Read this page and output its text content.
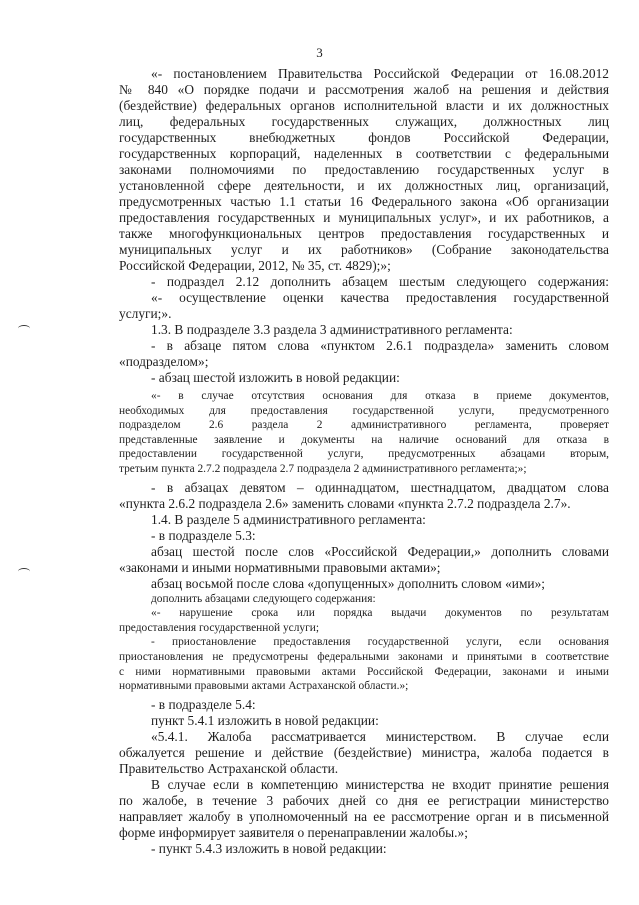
3
«- постановлением Правительства Российской Федерации от 16.08.2012
№ 840 «О порядке подачи и рассмотрения жалоб на решения и действия
(бездействие) федеральных органов исполнительной власти и их должностных
лиц, федеральных государственных служащих, должностных лиц
государственных внебюджетных фондов Российской Федерации,
государственных корпораций, наделенных в соответствии с федеральными
законами полномочиями по предоставлению государственных услуг в
установленной сфере деятельности, и их должностных лиц, организаций,
предусмотренных частью 1.1 статьи 16 Федерального закона «Об организации
предоставления государственных и муниципальных услуг», и их работников, а
также многофункциональных центров предоставления государственных и
муниципальных услуг и их работников» (Собрание законодательства
Российской Федерации, 2012, № 35, ст. 4829);»;
- подраздел 2.12 дополнить абзацем шестым следующего содержания:
«- осуществление оценки качества предоставления государственной
услуги;».
1.3. В подразделе 3.3 раздела 3 административного регламента:
- в абзаце пятом слова «пунктом 2.6.1 подраздела» заменить словом
«подразделом»;
- абзац шестой изложить в новой редакции:
«- в случае отсутствия основания для отказа в приеме документов,
необходимых для предоставления государственной услуги, предусмотренного
подразделом 2.6 раздела 2 административного регламента, проверяет
представленные заявление и документы на наличие оснований для отказа в
предоставлении государственной услуги, предусмотренных абзацами вторым,
третьим пункта 2.7.2 подраздела 2.7 подраздела 2 административного регламента;»;
- в абзацах девятом – одиннадцатом, шестнадцатом, двадцатом слова
«пункта 2.6.2 подраздела 2.6» заменить словами «пункта 2.7.2 подраздела 2.7».
1.4. В разделе 5 административного регламента:
- в подразделе 5.3:
абзац шестой после слов «Российской Федерации,» дополнить словами
«законами и иными нормативными правовыми актами»;
абзац восьмой после слова «допущенных» дополнить словом «ими»;
дополнить абзацами следующего содержания:
«- нарушение срока или порядка выдачи документов по результатам
предоставления государственной услуги;
- приостановление предоставления государственной услуги, если основания
приостановления не предусмотрены федеральными законами и принятыми в соответствие
с ними нормативными правовыми актами Российской Федерации, законами и иными
нормативными правовыми актами Астраханской области.»;
- в подразделе 5.4:
пункт 5.4.1 изложить в новой редакции:
«5.4.1. Жалоба рассматривается министерством. В случае если
обжалуется решение и действие (бездействие) министра, жалоба подается в
Правительство Астраханской области.
В случае если в компетенцию министерства не входит принятие решения
по жалобе, в течение 3 рабочих дней со дня ее регистрации министерство
направляет жалобу в уполномоченный на ее рассмотрение орган и в письменной
форме информирует заявителя о перенаправлении жалобы.»;
- пункт 5.4.3 изложить в новой редакции:
